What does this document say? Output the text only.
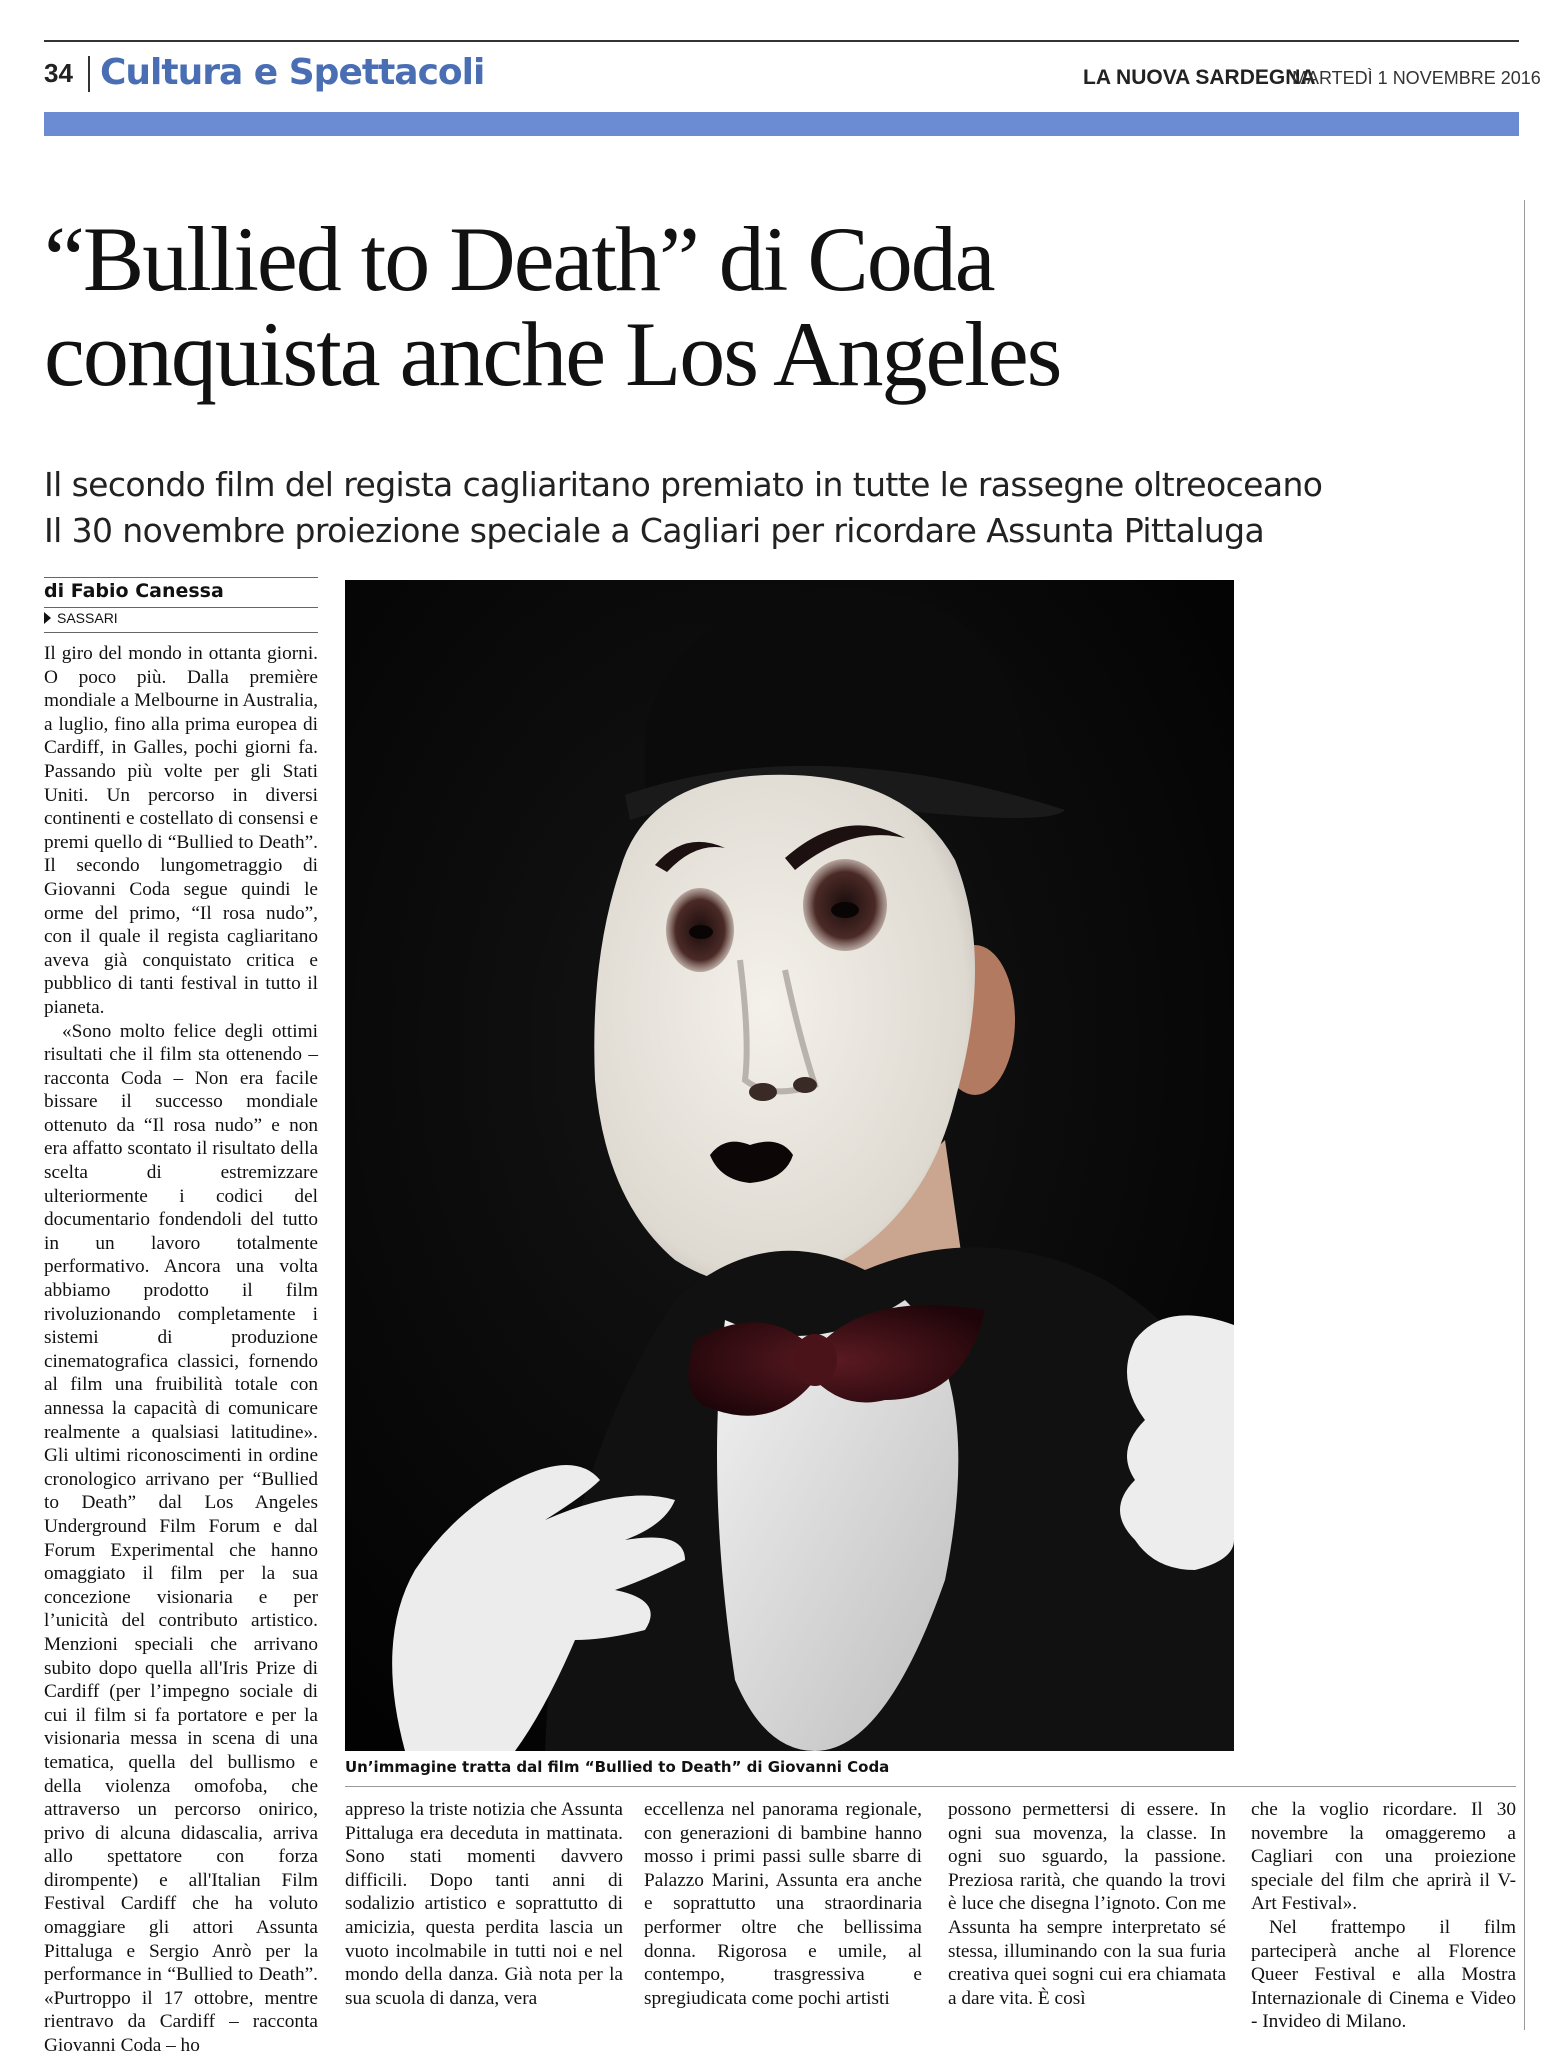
34 Cultura e Spettacoli	LA NUOVA SARDEGNA
MARTEDÌ 1 NOVEMBRE 2016
“Bullied to Death” di Coda
conquista anche Los Angeles
Il secondo film del regista cagliaritano premiato in tutte le rassegne oltreoceano
Il 30 novembre proiezione speciale a Cagliari per ricordare Assunta Pittaluga
di Fabio Canessa
SASSARI
Un’immagine tratta dal film “Bullied to Death” di Giovanni Coda

Il giro del mondo in ottanta giorni. O poco più. Dalla première mondiale a Melbourne in Australia, a luglio, fino alla prima europea di Cardiff, in Galles, pochi giorni fa. Passando più volte per gli Stati Uniti. Un percorso in diversi continenti e costellato di consensi e premi quello di “Bullied to Death”. Il secondo lungometraggio di Giovanni Coda segue quindi le orme del primo, “Il rosa nudo”, con il quale il regista cagliaritano aveva già conquistato critica e pubblico di tanti festival in tutto il pianeta.

«Sono molto felice degli ottimi risultati che il film sta ottenendo – racconta Coda – Non era facile bissare il successo mondiale ottenuto da “Il rosa nudo” e non era affatto scontato il risultato della scelta di estremizzare ulteriormente i codici del documentario fondendoli del tutto in un lavoro totalmente performativo. Ancora una volta abbiamo prodotto il film rivoluzionando completamente i sistemi di produzione cinematografica classici, fornendo al film una fruibilità totale con annessa la capacità di comunicare realmente a qualsiasi latitudine». Gli ultimi riconoscimenti in ordine cronologico arrivano per “Bullied to Death” dal Los Angeles Underground Film Forum e dal Forum Experimental che hanno omaggiato il film per la sua concezione visionaria e per l’unicità del contributo artistico. Menzioni speciali che arrivano subito dopo quella all'Iris Prize di Cardiff (per l’impegno sociale di cui il film si fa portatore e per la visionaria messa in scena di una tematica, quella del bullismo e della violenza omofoba, che attraverso un percorso onirico, privo di alcuna didascalia, arriva allo spettatore con forza dirompente) e all'Italian Film Festival Cardiff che ha voluto omaggiare gli attori Assunta Pittaluga e Sergio Anrò per la performance in “Bullied to Death”. «Purtroppo il 17 ottobre, mentre rientravo da Cardiff – racconta Giovanni Coda – ho

appreso la triste notizia che Assunta Pittaluga era deceduta in mattinata. Sono stati momenti davvero difficili. Dopo tanti anni di sodalizio artistico e soprattutto di amicizia, questa perdita lascia un vuoto incolmabile in tutti noi e nel mondo della danza. Già nota per la sua scuola di danza, vera

eccellenza nel panorama regionale, con generazioni di bambine hanno mosso i primi passi sulle sbarre di Palazzo Marini, Assunta era anche e soprattutto una straordinaria performer oltre che bellissima donna. Rigorosa e umile, al contempo, trasgressiva e spregiudicata come pochi artisti

possono permettersi di essere. In ogni sua movenza, la classe. In ogni suo sguardo, la passione. Preziosa rarità, che quando la trovi è luce che disegna l’ignoto. Con me Assunta ha sempre interpretato sé stessa, illuminando con la sua furia creativa quei sogni cui era chiamata a dare vita. È così

che la voglio ricordare. Il 30 novembre la omaggeremo a Cagliari con una proiezione speciale del film che aprirà il V-Art Festival».

Nel frattempo il film parteciperà anche al Florence Queer Festival e alla Mostra Internazionale di Cinema e Video - Invideo di Milano.
